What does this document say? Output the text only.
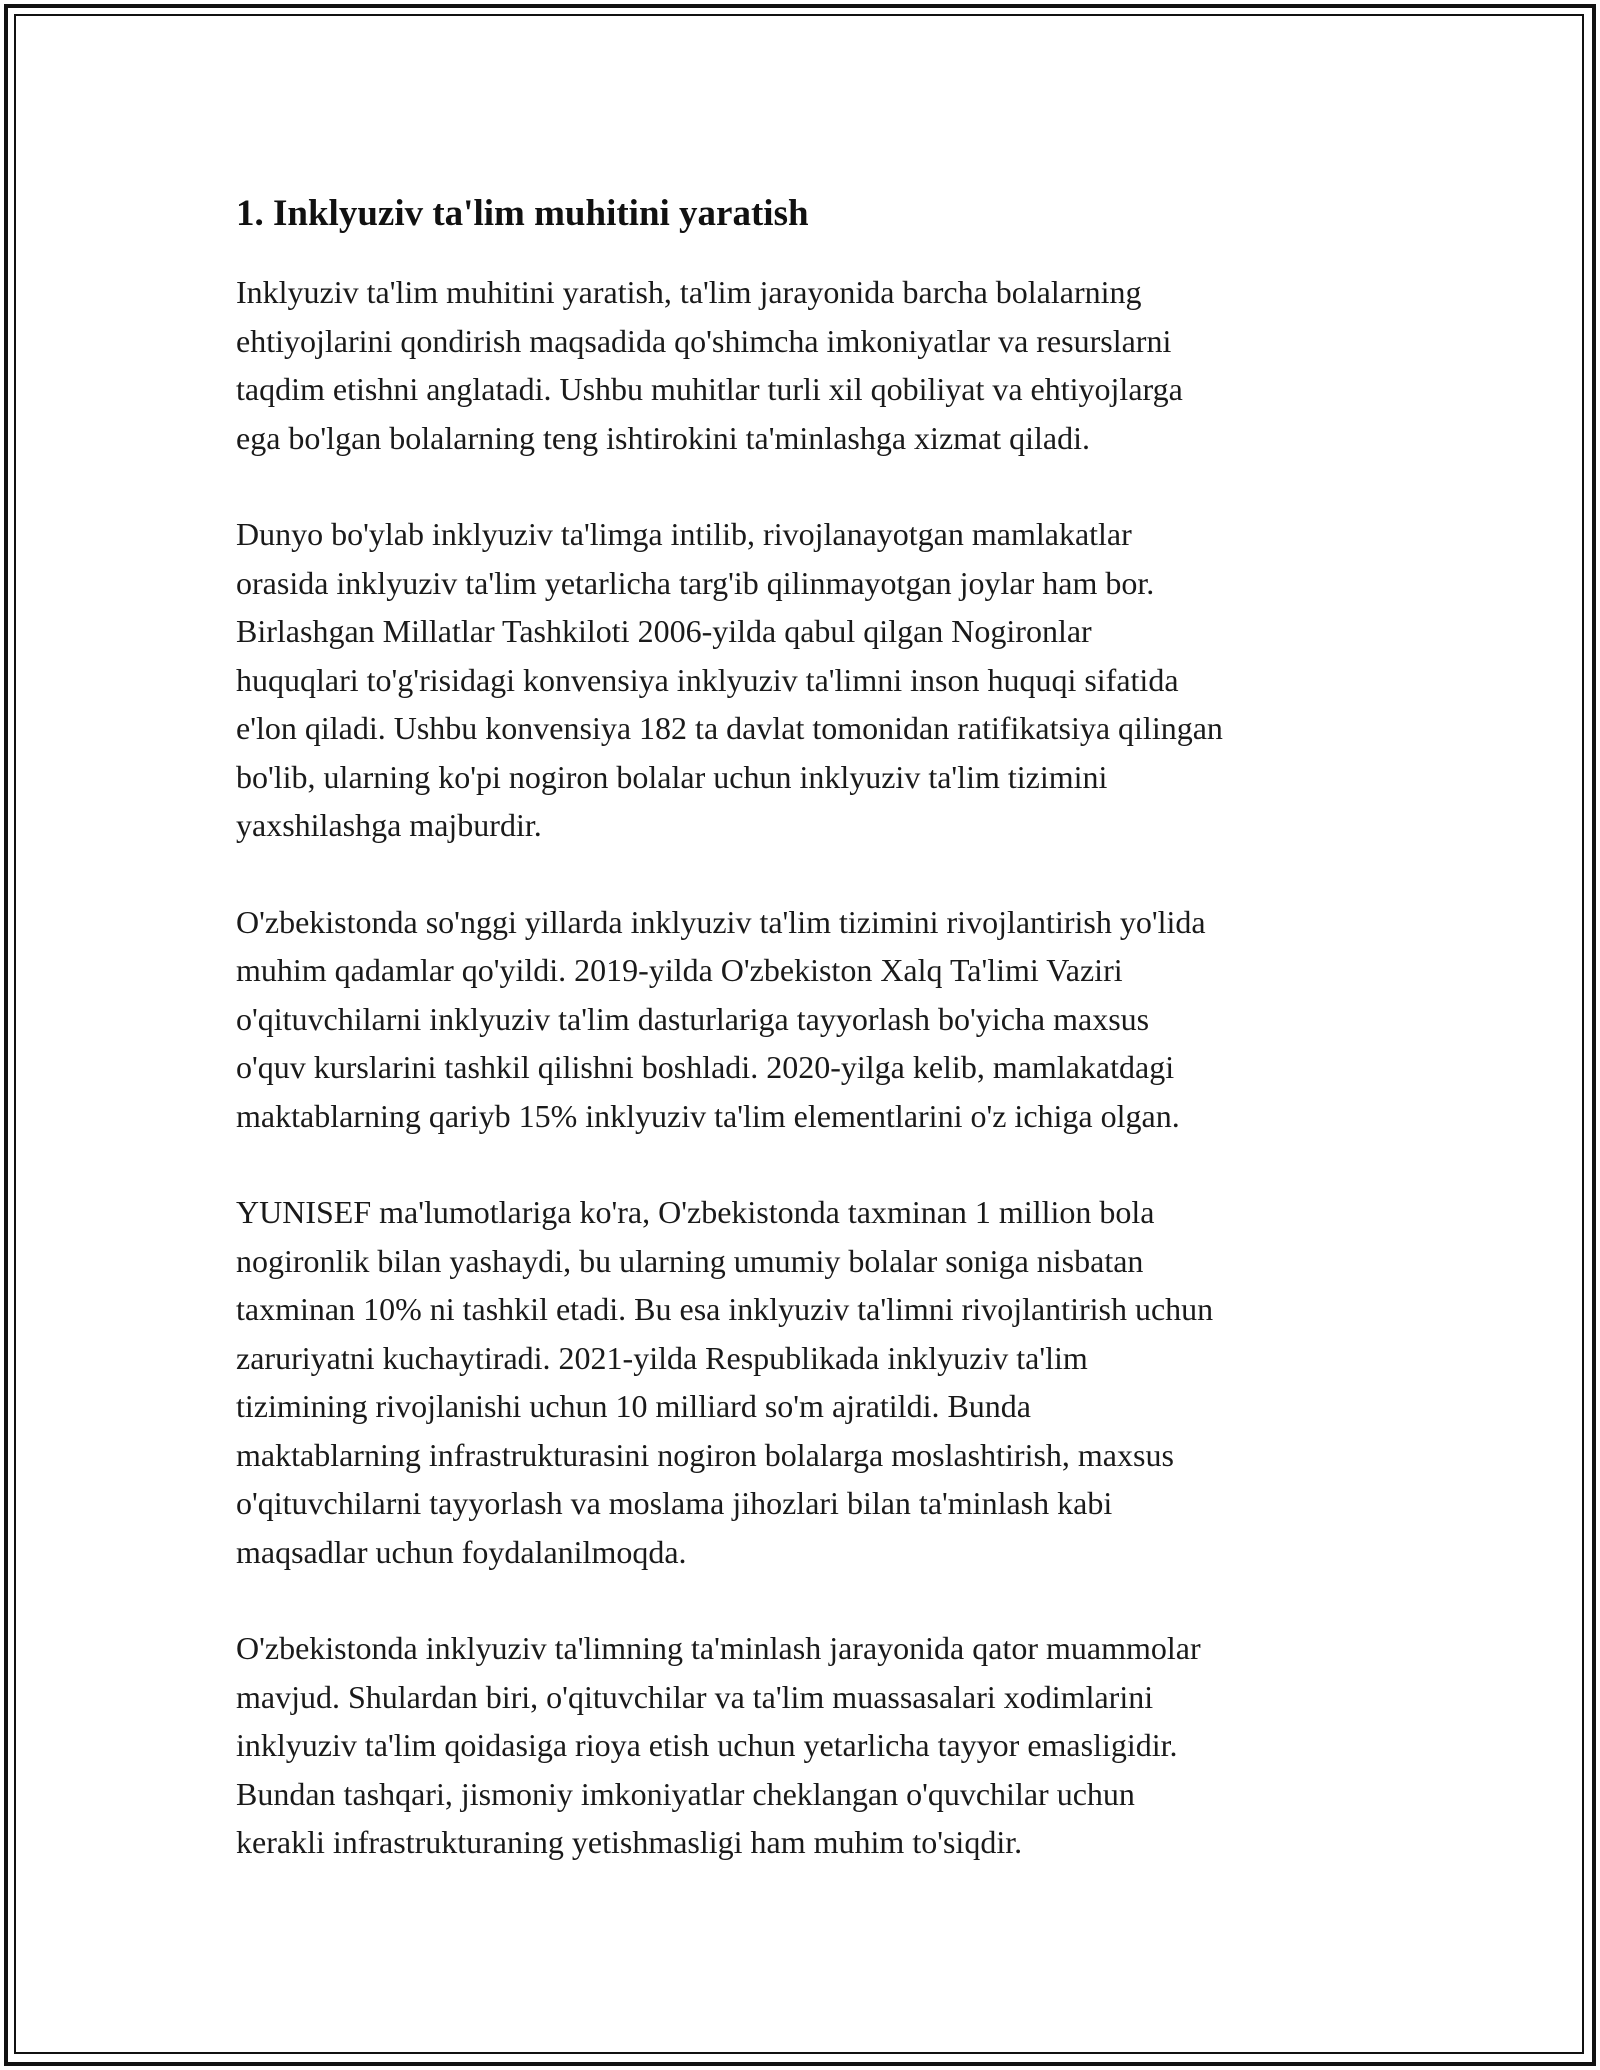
1. Inklyuziv ta'lim muhitini yaratish

Inklyuziv ta'lim muhitini yaratish, ta'lim jarayonida barcha bolalarning
ehtiyojlarini qondirish maqsadida qo'shimcha imkoniyatlar va resurslarni
taqdim etishni anglatadi. Ushbu muhitlar turli xil qobiliyat va ehtiyojlarga
ega bo'lgan bolalarning teng ishtirokini ta'minlashga xizmat qiladi.

Dunyo bo'ylab inklyuziv ta'limga intilib, rivojlanayotgan mamlakatlar
orasida inklyuziv ta'lim yetarlicha targ'ib qilinmayotgan joylar ham bor.
Birlashgan Millatlar Tashkiloti 2006-yilda qabul qilgan Nogironlar
huquqlari to'g'risidagi konvensiya inklyuziv ta'limni inson huquqi sifatida
e'lon qiladi. Ushbu konvensiya 182 ta davlat tomonidan ratifikatsiya qilingan
bo'lib, ularning ko'pi nogiron bolalar uchun inklyuziv ta'lim tizimini
yaxshilashga majburdir.

O'zbekistonda so'nggi yillarda inklyuziv ta'lim tizimini rivojlantirish yo'lida
muhim qadamlar qo'yildi. 2019-yilda O'zbekiston Xalq Ta'limi Vaziri
o'qituvchilarni inklyuziv ta'lim dasturlariga tayyorlash bo'yicha maxsus
o'quv kurslarini tashkil qilishni boshladi. 2020-yilga kelib, mamlakatdagi
maktablarning qariyb 15% inklyuziv ta'lim elementlarini o'z ichiga olgan.

YUNISEF ma'lumotlariga ko'ra, O'zbekistonda taxminan 1 million bola
nogironlik bilan yashaydi, bu ularning umumiy bolalar soniga nisbatan
taxminan 10% ni tashkil etadi. Bu esa inklyuziv ta'limni rivojlantirish uchun
zaruriyatni kuchaytiradi. 2021-yilda Respublikada inklyuziv ta'lim
tizimining rivojlanishi uchun 10 milliard so'm ajratildi. Bunda
maktablarning infrastrukturasini nogiron bolalarga moslashtirish, maxsus
o'qituvchilarni tayyorlash va moslama jihozlari bilan ta'minlash kabi
maqsadlar uchun foydalanilmoqda.

O'zbekistonda inklyuziv ta'limning ta'minlash jarayonida qator muammolar
mavjud. Shulardan biri, o'qituvchilar va ta'lim muassasalari xodimlarini
inklyuziv ta'lim qoidasiga rioya etish uchun yetarlicha tayyor emasligidir.
Bundan tashqari, jismoniy imkoniyatlar cheklangan o'quvchilar uchun
kerakli infrastrukturaning yetishmasligi ham muhim to'siqdir.
